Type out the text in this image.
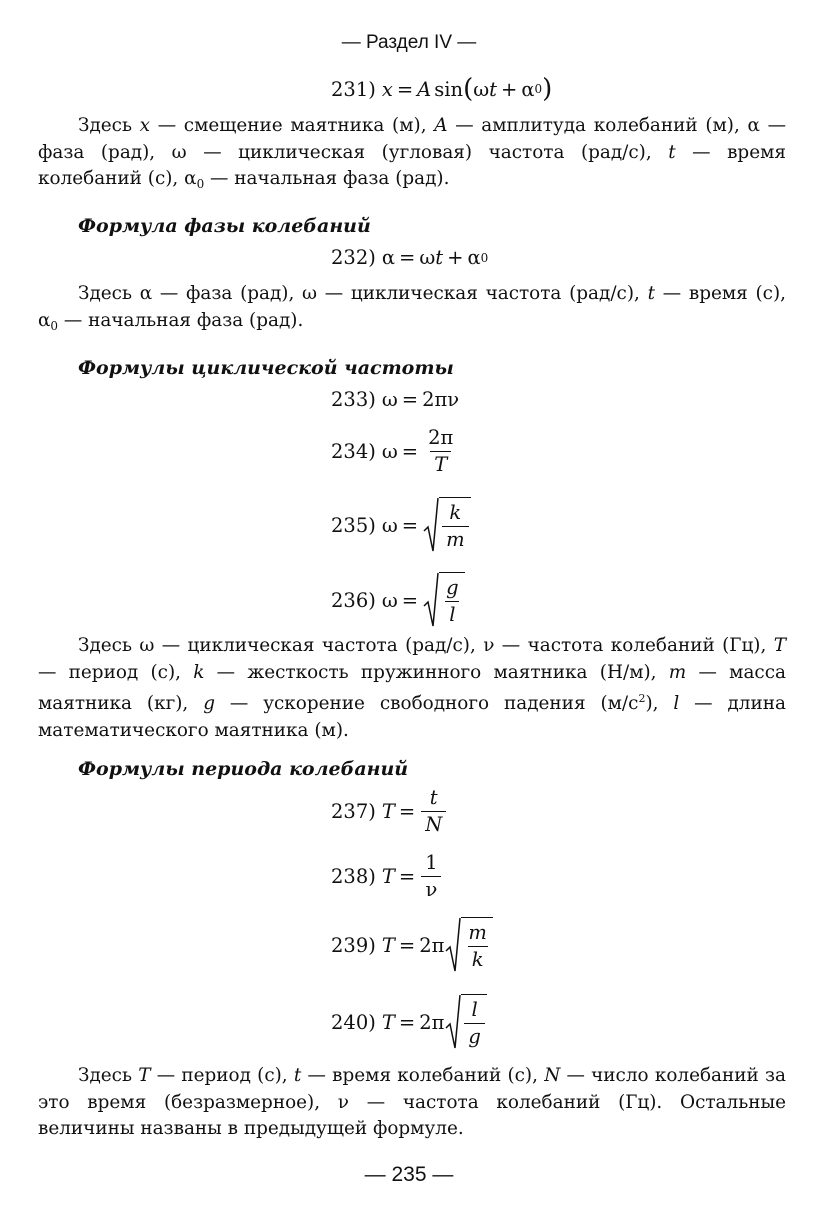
— Раздел IV —
231) x = A sin ( ω t + α 0 )
Здесь x — смещение маятника (м), A — амплитуда колебаний (м), α — фаза (рад), ω — циклическая (угловая) частота (рад/с), t — время колебаний (с), $\alpha_0$ — начальная фаза (рад).
Формула фазы колебаний
232) α = ω t + α 0
Здесь α — фаза (рад), ω — циклическая частота (рад/с), t — время (с), $\alpha_0$ — начальная фаза (рад).
Формулы циклической частоты
233) ω = 2πν
234) $\omega = \frac{2\pi}{T}$
235) $\omega = \frac{k}{m}$
236) $\omega = \frac{g}{l}$
Здесь ω — циклическая частота (рад/с), ν — частота колебаний (Гц), T — период (с), k — жесткость пружинного маятника (Н/м), m — масса маятника (кг), g — ускорение свободного падения $(м/с^2)$, l — длина математического маятника (м).
Формулы периода колебаний
237) $T = \frac{t}{N}$
238) $T = \frac{1}{\nu}$
239) $T = 2\pi \frac{m}{k}$
240) $T = 2\pi \frac{l}{g}$
Здесь T — период (с), t — время колебаний (с), N — число колебаний за это время (безразмерное), ν — частота колебаний (Гц). Остальные величины названы в предыдущей формуле.
— 235 —
